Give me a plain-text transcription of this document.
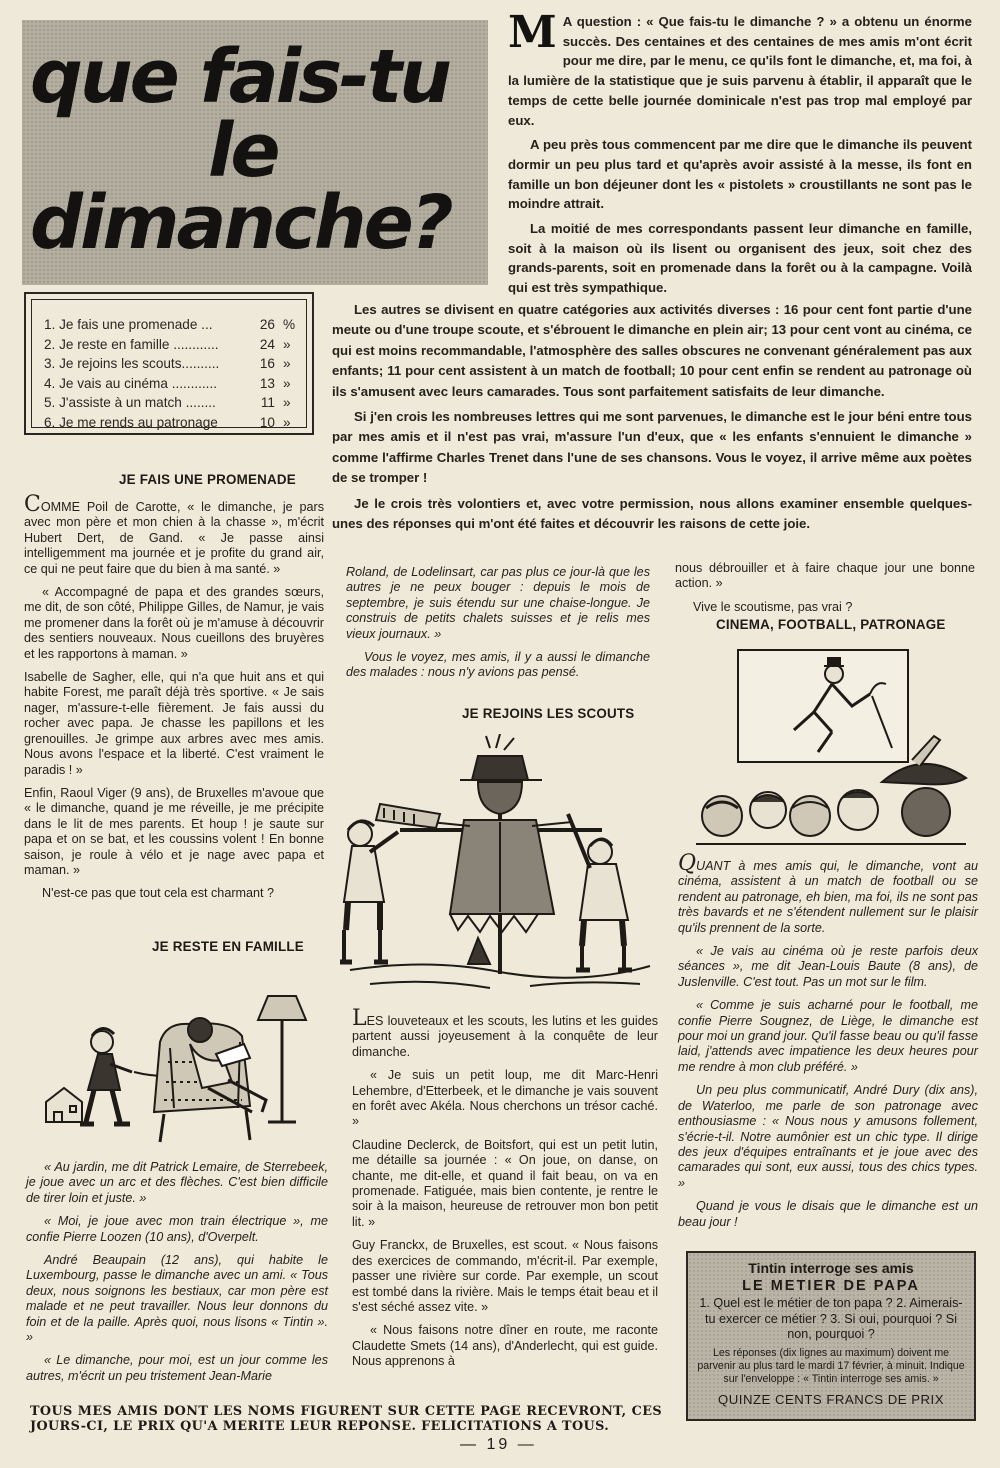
que fais-tu
le
dimanche?

M A question : « Que fais-tu le dimanche ? » a obtenu un énorme succès. Des centaines et des centaines de mes amis m'ont écrit pour me dire, par le menu, ce qu'ils font le dimanche, et, ma foi, à la lumière de la statistique que je suis parvenu à établir, il apparaît que le temps de cette belle journée dominicale n'est pas trop mal employé par eux.

A peu près tous commencent par me dire que le dimanche ils peuvent dormir un peu plus tard et qu'après avoir assisté à la messe, ils font en famille un bon déjeuner dont les « pistolets » croustillants ne sont pas le moindre attrait.

La moitié de mes correspondants passent leur dimanche en famille, soit à la maison où ils lisent ou organisent des jeux, soit chez des grands-parents, soit en promenade dans la forêt ou à la campagne. Voilà qui est très sympathique.

Les autres se divisent en quatre catégories aux activités diverses : 16 pour cent font partie d'une meute ou d'une troupe scoute, et s'ébrouent le dimanche en plein air; 13 pour cent vont au cinéma, ce qui est moins recommandable, l'atmosphère des salles obscures ne convenant généralement pas aux enfants; 11 pour cent assistent à un match de football; 10 pour cent enfin se rendent au patronage où ils s'amusent avec leurs camarades. Tous sont parfaitement satisfaits de leur dimanche.

Si j'en crois les nombreuses lettres qui me sont parvenues, le dimanche est le jour béni entre tous par mes amis et il n'est pas vrai, m'assure l'un d'eux, que « les enfants s'ennuient le dimanche » comme l'affirme Charles Trenet dans l'une de ses chansons. Vous le voyez, il arrive même aux poètes de se tromper !

Je le crois très volontiers et, avec votre permission, nous allons examiner ensemble quelques-unes des réponses qui m'ont été faites et découvrir les raisons de cette joie.

1. Je fais une promenade ...	26 %
2. Je reste en famille ............	24 »
3. Je rejoins les scouts..........	16 »
4. Je vais au cinéma ............	13 »
5. J'assiste à un match ........	11 »
6. Je me rends au patronage	10 »
JE FAIS UNE PROMENADE

COMME Poil de Carotte, « le dimanche, je pars avec mon père et mon chien à la chasse », m'écrit Hubert Dert, de Gand. « Je passe ainsi intelligemment ma journée et je profite du grand air, ce qui ne peut faire que du bien à ma santé. »

« Accompagné de papa et des grandes sœurs, me dit, de son côté, Philippe Gilles, de Namur, je vais me promener dans la forêt où je m'amuse à découvrir des sentiers nouveaux. Nous cueillons des bruyères et les rapportons à maman. »

Isabelle de Sagher, elle, qui n'a que huit ans et qui habite Forest, me paraît déjà très sportive. « Je sais nager, m'assure-t-elle fièrement. Je fais aussi du rocher avec papa. Je chasse les papillons et les grenouilles. Je grimpe aux arbres avec mes amis. Nous avons l'espace et la liberté. C'est vraiment le paradis ! »

Enfin, Raoul Viger (9 ans), de Bruxelles m'avoue que « le dimanche, quand je me réveille, je me précipite dans le lit de mes parents. Et houp ! je saute sur papa et on se bat, et les coussins volent ! En bonne saison, je roule à vélo et je nage avec papa et maman. »

N'est-ce pas que tout cela est charmant ?

JE RESTE EN FAMILLE

« Au jardin, me dit Patrick Lemaire, de Sterrebeek, je joue avec un arc et des flèches. C'est bien difficile de tirer loin et juste. »

« Moi, je joue avec mon train électrique », me confie Pierre Loozen (10 ans), d'Overpelt.

André Beaupain (12 ans), qui habite le Luxembourg, passe le dimanche avec un ami. « Tous deux, nous soignons les bestiaux, car mon père est malade et ne peut travailler. Nous leur donnons du foin et de la paille. Après quoi, nous lisons « Tintin ». »

« Le dimanche, pour moi, est un jour comme les autres, m'écrit un peu tristement Jean-Marie

Roland, de Lodelinsart, car pas plus ce jour-là que les autres je ne peux bouger : depuis le mois de septembre, je suis étendu sur une chaise-longue. Je construis de petits chalets suisses et je relis mes vieux journaux. »

Vous le voyez, mes amis, il y a aussi le dimanche des malades : nous n'y avions pas pensé.

JE REJOINS LES SCOUTS

LES louveteaux et les scouts, les lutins et les guides partent aussi joyeusement à la conquête de leur dimanche.

« Je suis un petit loup, me dit Marc-Henri Lehembre, d'Etterbeek, et le dimanche je vais souvent en forêt avec Akéla. Nous cherchons un trésor caché. »

Claudine Declerck, de Boitsfort, qui est un petit lutin, me détaille sa journée : « On joue, on danse, on chante, me dit-elle, et quand il fait beau, on va en promenade. Fatiguée, mais bien contente, je rentre le soir à la maison, heureuse de retrouver mon bon petit lit. »

Guy Franckx, de Bruxelles, est scout. « Nous faisons des exercices de commando, m'écrit-il. Par exemple, passer une rivière sur corde. Par exemple, un scout est tombé dans la rivière. Mais le temps était beau et il s'est séché assez vite. »

« Nous faisons notre dîner en route, me raconte Claudette Smets (14 ans), d'Anderlecht, qui est guide. Nous apprenons à

nous débrouiller et à faire chaque jour une bonne action. »

Vive le scoutisme, pas vrai ?

CINEMA, FOOTBALL, PATRONAGE

QUANT à mes amis qui, le dimanche, vont au cinéma, assistent à un match de football ou se rendent au patronage, eh bien, ma foi, ils ne sont pas très bavards et ne s'étendent nullement sur le plaisir qu'ils prennent de la sorte.

« Je vais au cinéma où je reste parfois deux séances », me dit Jean-Louis Baute (8 ans), de Juslenville. C'est tout. Pas un mot sur le film.

« Comme je suis acharné pour le football, me confie Pierre Sougnez, de Liège, le dimanche est pour moi un grand jour. Qu'il fasse beau ou qu'il fasse laid, j'attends avec impatience les deux heures pour me rendre à mon club préféré. »

Un peu plus communicatif, André Dury (dix ans), de Waterloo, me parle de son patronage avec enthousiasme : « Nous nous y amusons follement, s'écrie-t-il. Notre aumônier est un chic type. Il dirige des jeux d'équipes entraînants et je joue avec des camarades qui sont, eux aussi, tous des chics types. »

Quand je vous le disais que le dimanche est un beau jour !

Tintin interroge ses amis
LE METIER DE PAPA
1. Quel est le métier de ton papa ? 2. Aimerais-tu exercer ce métier ? 3. Si oui, pourquoi ? Si non, pourquoi ?
Les réponses (dix lignes au maximum) doivent me parvenir au plus tard le mardi 17 février, à minuit. Indique sur l'enveloppe : « Tintin interroge ses amis. »
QUINZE CENTS FRANCS DE PRIX
TOUS MES AMIS DONT LES NOMS FIGURENT SUR CETTE PAGE RECEVRONT, CES JOURS-CI, LE PRIX QU'A MERITE LEUR REPONSE. FELICITATIONS A TOUS.
— 19 —
